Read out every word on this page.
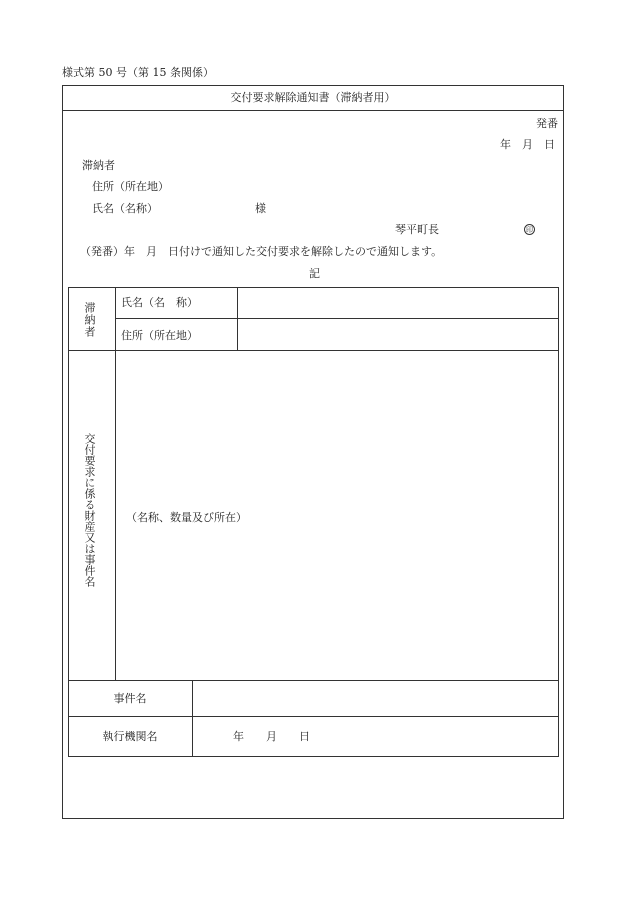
様式第 50 号（第 15 条関係）
交付要求解除通知書（滞納者用）
発番
年　月　日
滞納者
住所（所在地）
氏名（名称）	様
琴平町長	印
（発番）年　月　日付けで通知した交付要求を解除したので通知します。
記
滞納者 氏名（名　称）
住所（所在地）
交付要求に係る財産又は事件名	（名称、数量及び所在）
事件名
執行機関名	年　　月　　日
